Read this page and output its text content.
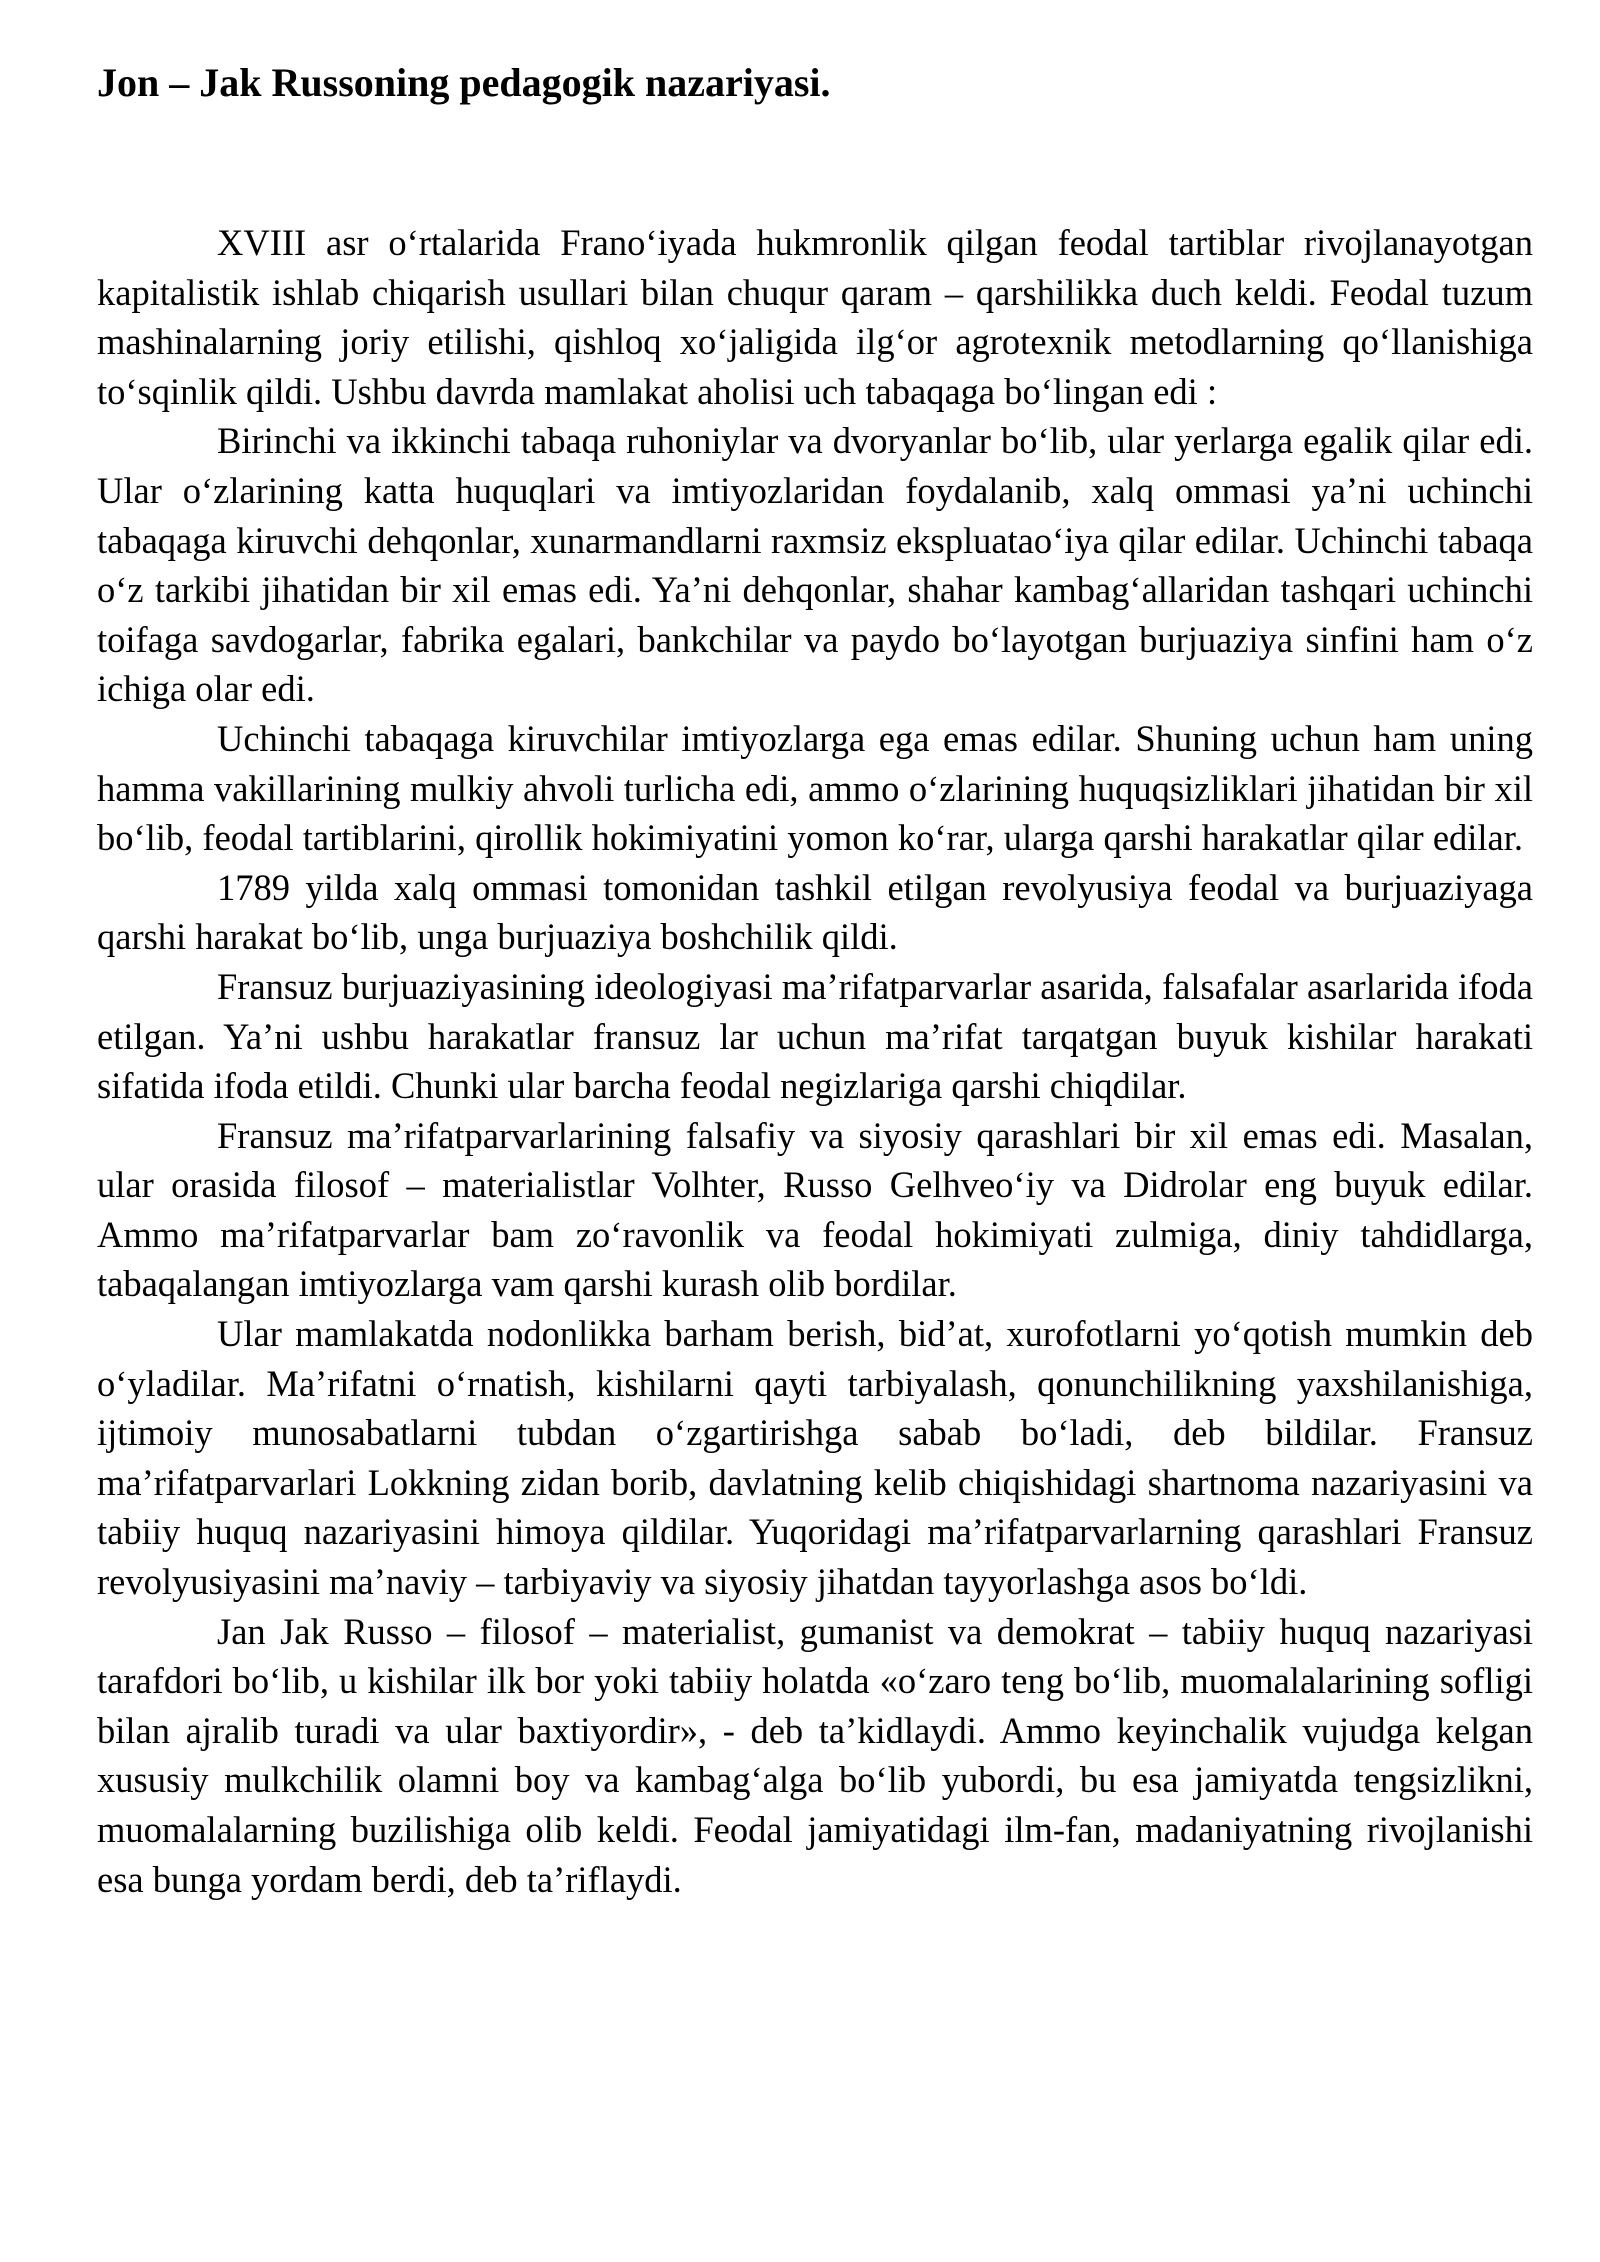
Jon – Jak Russoning pedagogik nazariyasi.

XVIII asr o‘rtalarida Frano‘iyada hukmronlik qilgan feodal tartiblar rivojlanayotgan kapitalistik ishlab chiqarish usullari bilan chuqur qaram – qarshilikka duch keldi. Feodal tuzum mashinalarning joriy etilishi, qishloq xo‘jaligida ilg‘or agrotexnik metodlarning qo‘llanishiga to‘sqinlik qildi. Ushbu davrda mamlakat aholisi uch tabaqaga bo‘lingan edi :

Birinchi va ikkinchi tabaqa ruhoniylar va dvoryanlar bo‘lib, ular yerlarga egalik qilar edi. Ular o‘zlarining katta huquqlari va imtiyozlaridan foydalanib, xalq ommasi ya’ni uchinchi tabaqaga kiruvchi dehqonlar, xunarmandlarni raxmsiz ekspluatao‘iya qilar edilar. Uchinchi tabaqa o‘z tarkibi jihatidan bir xil emas edi. Ya’ni dehqonlar, shahar kambag‘allaridan tashqari uchinchi toifaga savdogarlar, fabrika egalari, bankchilar va paydo bo‘layotgan burjuaziya sinfini ham o‘z ichiga olar edi.

Uchinchi tabaqaga kiruvchilar imtiyozlarga ega emas edilar. Shuning uchun ham uning hamma vakillarining mulkiy ahvoli turlicha edi, ammo o‘zlarining huquqsizliklari jihatidan bir xil bo‘lib, feodal tartiblarini, qirollik hokimiyatini yomon ko‘rar, ularga qarshi harakatlar qilar edilar.

1789 yilda xalq ommasi tomonidan tashkil etilgan revolyusiya feodal va burjuaziyaga qarshi harakat bo‘lib, unga burjuaziya boshchilik qildi.

Fransuz burjuaziyasining ideologiyasi ma’rifatparvarlar asarida, falsafalar asarlarida ifoda etilgan. Ya’ni ushbu harakatlar fransuz lar uchun ma’rifat tarqatgan buyuk kishilar harakati sifatida ifoda etildi. Chunki ular barcha feodal negizlariga qarshi chiqdilar.

Fransuz ma’rifatparvarlarining falsafiy va siyosiy qarashlari bir xil emas edi. Masalan, ular orasida filosof – materialistlar Volhter, Russo Gelhveo‘iy va Didrolar eng buyuk edilar. Ammo ma’rifatparvarlar bam zo‘ravonlik va feodal hokimiyati zulmiga, diniy tahdidlarga, tabaqalangan imtiyozlarga vam qarshi kurash olib bordilar.

Ular mamlakatda nodonlikka barham berish, bid’at, xurofotlarni yo‘qotish mumkin deb o‘yladilar. Ma’rifatni o‘rnatish, kishilarni qayti tarbiyalash, qonunchilikning yaxshilanishiga, ijtimoiy munosabatlarni tubdan o‘zgartirishga sabab bo‘ladi, deb bildilar. Fransuz ma’rifatparvarlari Lokkning zidan borib, davlatning kelib chiqishidagi shartnoma nazariyasini va tabiiy huquq nazariyasini himoya qildilar. Yuqoridagi ma’rifatparvarlarning qarashlari Fransuz revolyusiyasini ma’naviy – tarbiyaviy va siyosiy jihatdan tayyorlashga asos bo‘ldi.

Jan Jak Russo – filosof – materialist, gumanist va demokrat – tabiiy huquq nazariyasi tarafdori bo‘lib, u kishilar ilk bor yoki tabiiy holatda «o‘zaro teng bo‘lib, muomalalarining sofligi bilan ajralib turadi va ular baxtiyordir», - deb ta’kidlaydi. Ammo keyinchalik vujudga kelgan xususiy mulkchilik olamni boy va kambag‘alga bo‘lib yubordi, bu esa jamiyatda tengsizlikni, muomalalarning buzilishiga olib keldi. Feodal jamiyatidagi ilm-fan, madaniyatning rivojlanishi esa bunga yordam berdi, deb ta’riflaydi.
